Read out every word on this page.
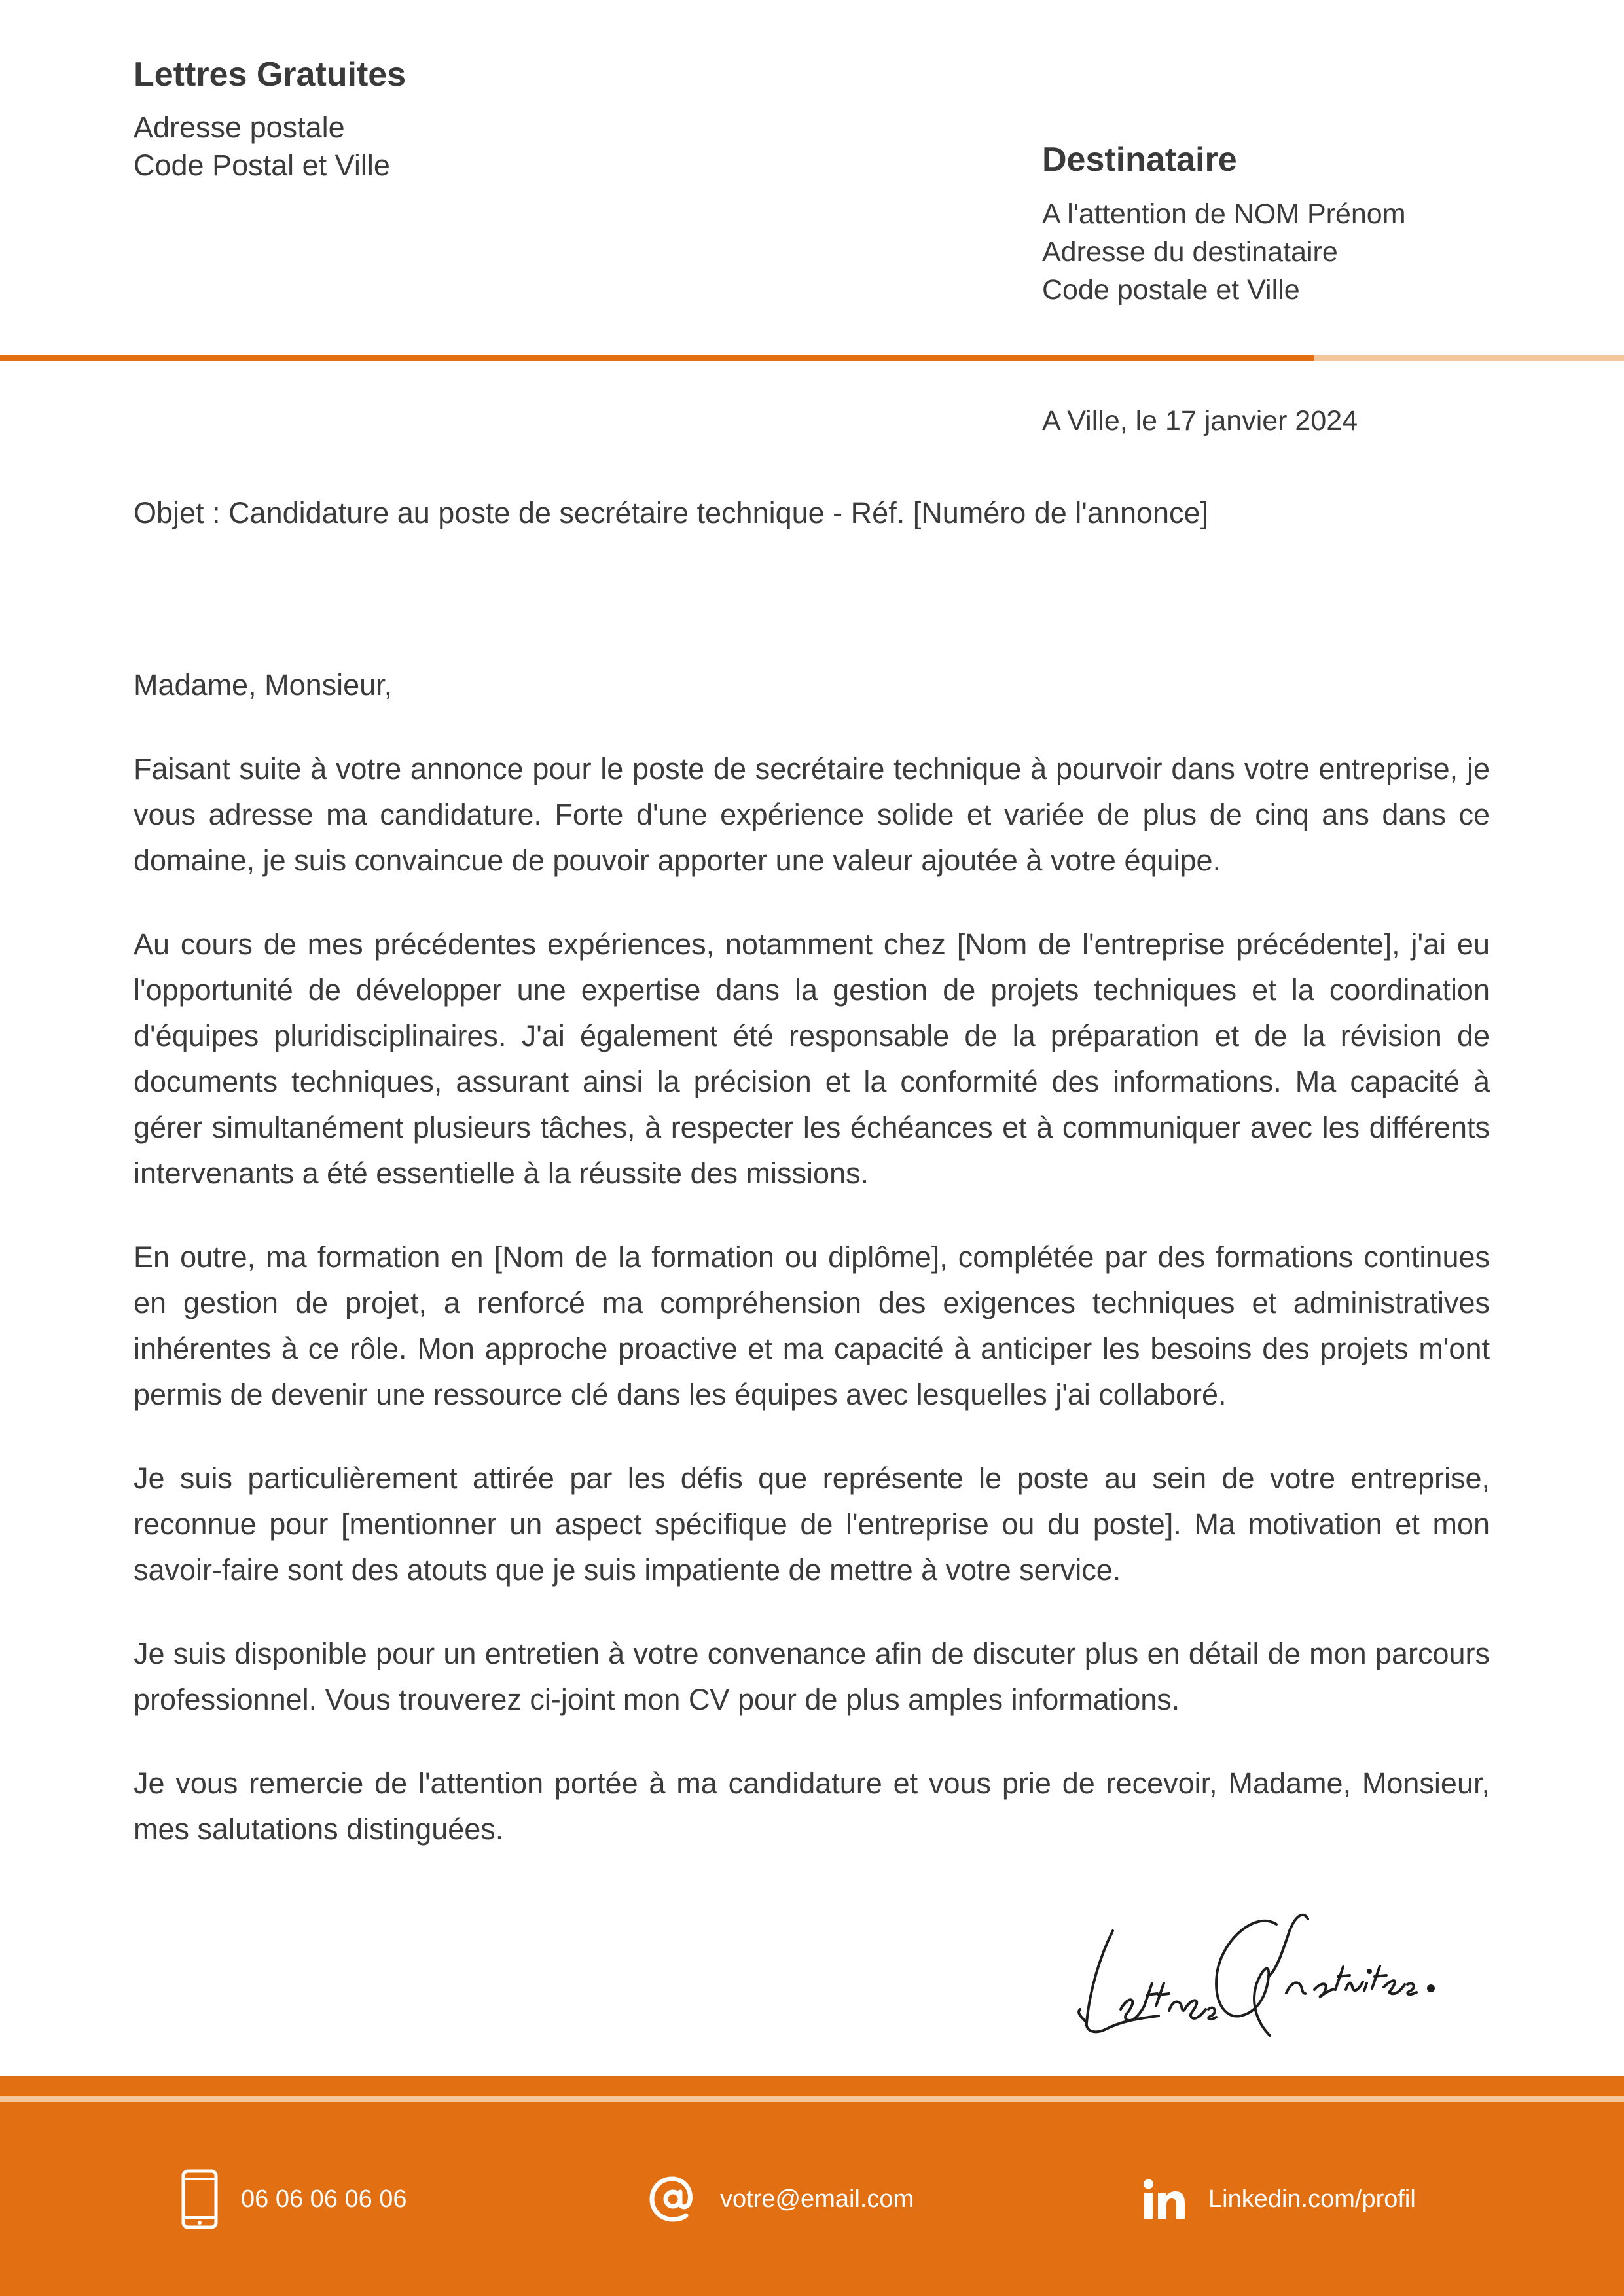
Lettres Gratuites
Adresse postale
Code Postal et Ville	Destinataire
A l'attention de NOM Prénom
Adresse du destinataire
Code postale et Ville
A Ville, le 17 janvier 2024
Objet : Candidature au poste de secrétaire technique - Réf. [Numéro de l'annonce]
Madame, Monsieur,

Faisant suite à votre annonce pour le poste de secrétaire technique à pourvoir dans votre entreprise, je vous adresse ma candidature. Forte d'une expérience solide et variée de plus de cinq ans dans ce domaine, je suis convaincue de pouvoir apporter une valeur ajoutée à votre équipe.

Au cours de mes précédentes expériences, notamment chez [Nom de l'entreprise précédente], j'ai eu l'opportunité de développer une expertise dans la gestion de projets techniques et la coordination d'équipes pluridisciplinaires. J'ai également été responsable de la préparation et de la révision de documents techniques, assurant ainsi la précision et la conformité des informations. Ma capacité à gérer simultanément plusieurs tâches, à respecter les échéances et à communiquer avec les différents intervenants a été essentielle à la réussite des missions.

En outre, ma formation en [Nom de la formation ou diplôme], complétée par des formations continues en gestion de projet, a renforcé ma compréhension des exigences techniques et administratives inhérentes à ce rôle. Mon approche proactive et ma capacité à anticiper les besoins des projets m'ont permis de devenir une ressource clé dans les équipes avec lesquelles j'ai collaboré.

Je suis particulièrement attirée par les défis que représente le poste au sein de votre entreprise, reconnue pour [mentionner un aspect spécifique de l'entreprise ou du poste]. Ma motivation et mon savoir-faire sont des atouts que je suis impatiente de mettre à votre service.

Je suis disponible pour un entretien à votre convenance afin de discuter plus en détail de mon parcours professionnel. Vous trouverez ci-joint mon CV pour de plus amples informations.

Je vous remercie de l'attention portée à ma candidature et vous prie de recevoir, Madame, Monsieur, mes salutations distinguées.

06 06 06 06 06	votre@email.com	Linkedin.com/profil
